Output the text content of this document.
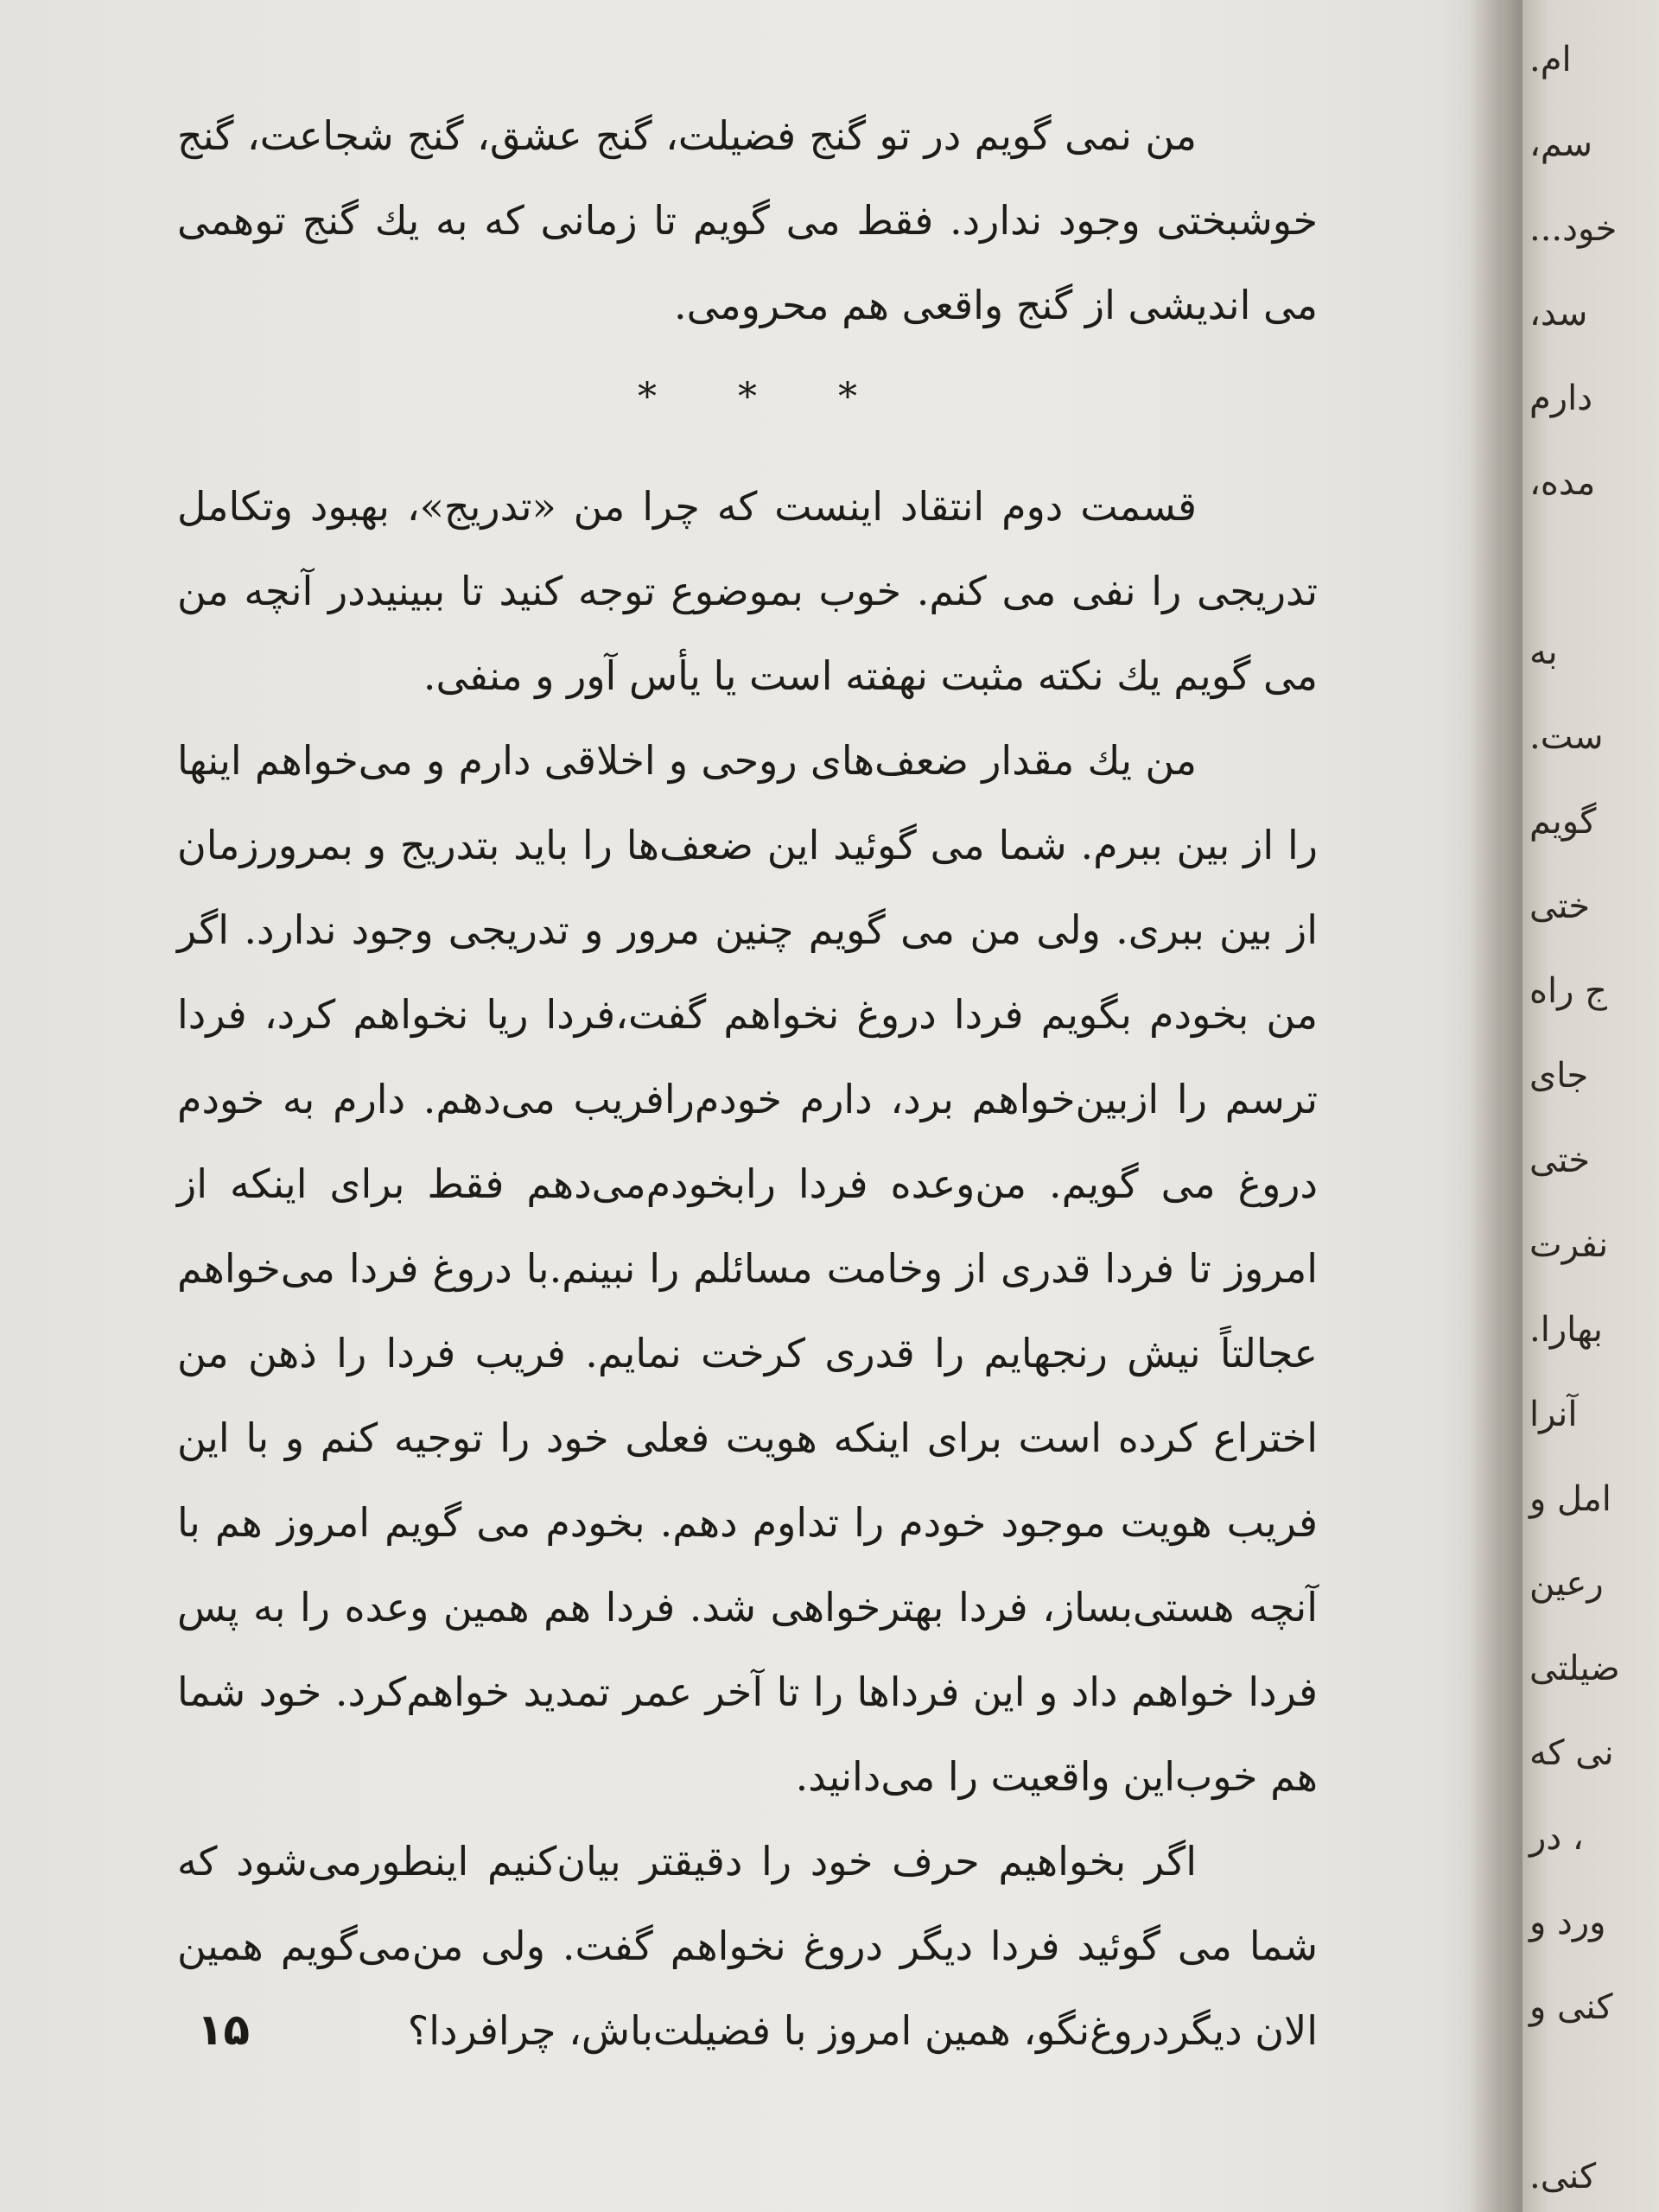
من نمی گویم در تو گنج فضیلت، گنج عشق، گنج شجاعت، گنج خوشبختی وجود ندارد. فقط می گویم تا زمانی که به یك گنج توهمی می اندیشی از گنج واقعی هم محرومی.

* * *

قسمت دوم انتقاد اینست که چرا من «تدریج»، بهبود وتکامل تدریجی را نفی می کنم. خوب بموضوع توجه کنید تا ببینیددر آنچه من می گویم یك نکته مثبت نهفته است یا یأس آور و منفی.

من یك مقدار ضعف‌های روحی و اخلاقی دارم و می‌خواهم اینها را از بین ببرم. شما می گوئید این ضعف‌ها را باید بتدریج و بمرورزمان از بین ببری. ولی من می گویم چنین مرور و تدریجی وجود ندارد. اگر من بخودم بگویم فردا دروغ نخواهم گفت،فردا ریا نخواهم کرد، فردا ترسم را ازبین‌خواهم برد، دارم خودم‌رافریب می‌دهم. دارم به خودم دروغ می گویم. من‌وعده فردا رابخودم‌می‌دهم فقط برای اینکه از امروز تا فردا قدری از وخامت مسائلم را نبینم.با دروغ فردا می‌خواهم عجالتاً نیش رنجهایم را قدری کرخت نمایم. فریب فردا را ذهن من اختراع کرده است برای اینکه هویت فعلی خود را توجیه کنم و با این فریب هویت موجود خودم را تداوم دهم. بخودم می گویم امروز هم با آنچه هستی‌بساز، فردا بهترخواهی شد. فردا هم همین وعده را به پس فردا خواهم داد و این فرداها را تا آخر عمر تمدید خواهم‌کرد. خود شما هم خوب‌این واقعیت را می‌دانید.

اگر بخواهیم حرف خود را دقیقتر بیان‌کنیم اینطورمی‌شود که شما می گوئید فردا دیگر دروغ نخواهم گفت. ولی من‌می‌گویم همین الان دیگردروغ‌نگو، همین امروز با فضیلت‌باش، چرافردا؟

۱۵
ام.
سم،
خود...
سد،
دارم
مده،
به
ست.
گویم
ختی
ج راه
جای
ختی
نفرت
بهارا.
آنرا
امل و
رعین
ضیلتی
نی که
، در
ورد و
کنی و
کنی.
